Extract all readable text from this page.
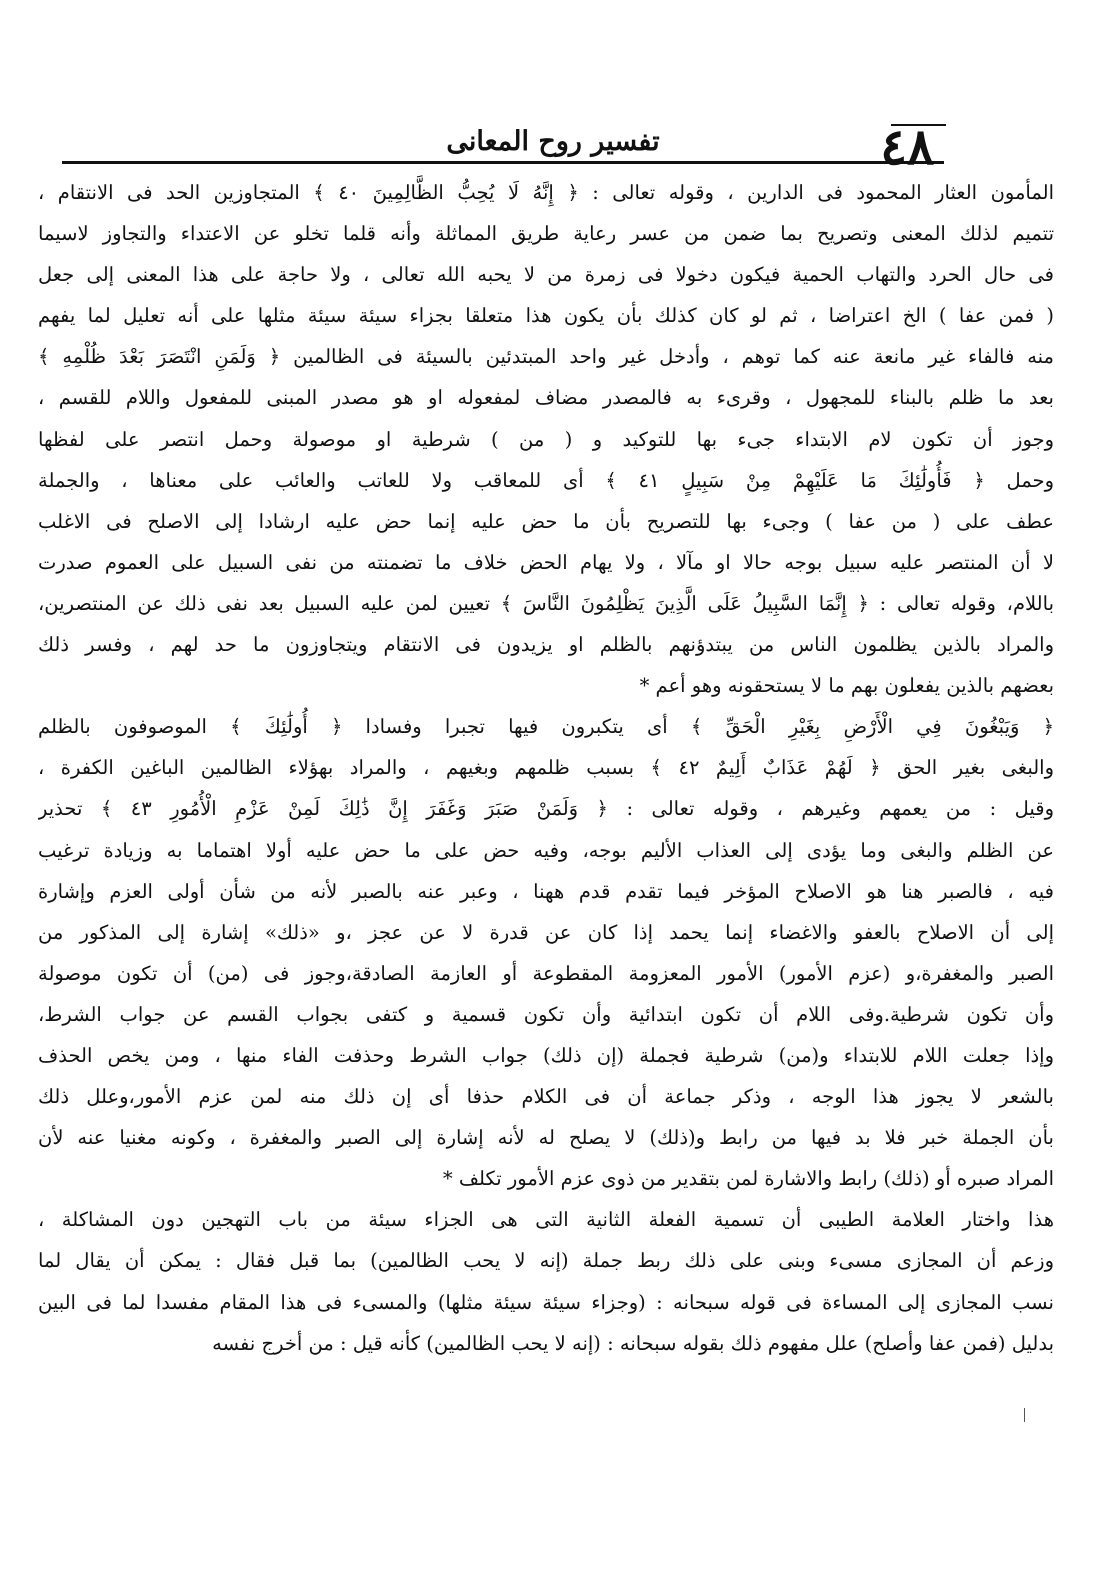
٤٨
تفسير روح المعانى
المأمون العثار المحمود فى الدارين ، وقوله تعالى : ﴿ إِنَّهُ لَا يُحِبُّ الظَّالِمِينَ ٤٠ ﴾ المتجاوزين الحد فى الانتقام ،
تتميم لذلك المعنى وتصريح بما ضمن من عسر رعاية طريق المماثلة وأنه قلما تخلو عن الاعتداء والتجاوز لاسيما
فى حال الحرد والتهاب الحمية فيكون دخولا فى زمرة من لا يحبه الله تعالى ، ولا حاجة على هذا المعنى إلى جعل
( فمن عفا ) الخ اعتراضا ، ثم لو كان كذلك بأن يكون هذا متعلقا بجزاء سيئة سيئة مثلها على أنه تعليل لما يفهم
منه فالفاء غير مانعة عنه كما توهم ، وأدخل غير واحد المبتدئين بالسيئة فى الظالمين ﴿ وَلَمَنِ انْتَصَرَ بَعْدَ ظُلْمِهِ ﴾
بعد ما ظلم بالبناء للمجهول ، وقرىء به فالمصدر مضاف لمفعوله او هو مصدر المبنى للمفعول واللام للقسم ،
وجوز أن تكون لام الابتداء جىء بها للتوكيد و ( من ) شرطية او موصولة وحمل انتصر على لفظها
وحمل ﴿ فَأُولَٰئِكَ مَا عَلَيْهِمْ مِنْ سَبِيلٍ ٤١ ﴾ أى للمعاقب ولا للعاتب والعائب على معناها ، والجملة
عطف على ( من عفا ) وجىء بها للتصريح بأن ما حض عليه إنما حض عليه ارشادا إلى الاصلح فى الاغلب
لا أن المنتصر عليه سبيل بوجه حالا او مآلا ، ولا يهام الحض خلاف ما تضمنته من نفى السبيل على العموم صدرت
باللام، وقوله تعالى : ﴿ إِنَّمَا السَّبِيلُ عَلَى الَّذِينَ يَظْلِمُونَ النَّاسَ ﴾ تعيين لمن عليه السبيل بعد نفى ذلك عن المنتصرين،
والمراد بالذين يظلمون الناس من يبتدؤنهم بالظلم او يزيدون فى الانتقام ويتجاوزون ما حد لهم ، وفسر ذلك
بعضهم بالذين يفعلون بهم ما لا يستحقونه وهو أعم *
﴿ وَيَبْغُونَ فِي الْأَرْضِ بِغَيْرِ الْحَقِّ ﴾ أى يتكبرون فيها تجبرا وفسادا ﴿ أُولَٰئِكَ ﴾ الموصوفون بالظلم
والبغى بغير الحق ﴿ لَهُمْ عَذَابٌ أَلِيمٌ ٤٢ ﴾ بسبب ظلمهم وبغيهم ، والمراد بهؤلاء الظالمين الباغين الكفرة ،
وقيل : من يعمهم وغيرهم ، وقوله تعالى : ﴿ وَلَمَنْ صَبَرَ وَغَفَرَ إِنَّ ذَٰلِكَ لَمِنْ عَزْمِ الْأُمُورِ ٤٣ ﴾ تحذير
عن الظلم والبغى وما يؤدى إلى العذاب الأليم بوجه، وفيه حض على ما حض عليه أولا اهتماما به وزيادة ترغيب
فيه ، فالصبر هنا هو الاصلاح المؤخر فيما تقدم قدم ههنا ، وعبر عنه بالصبر لأنه من شأن أولى العزم وإشارة
إلى أن الاصلاح بالعفو والاغضاء إنما يحمد إذا كان عن قدرة لا عن عجز ،و «ذلك» إشارة إلى المذكور من
الصبر والمغفرة،و (عزم الأمور) الأمور المعزومة المقطوعة أو العازمة الصادقة،وجوز فى (من) أن تكون موصولة
وأن تكون شرطية.وفى اللام أن تكون ابتدائية وأن تكون قسمية و كتفى بجواب القسم عن جواب الشرط،
وإذا جعلت اللام للابتداء و(من) شرطية فجملة (إن ذلك) جواب الشرط وحذفت الفاء منها ، ومن يخص الحذف
بالشعر لا يجوز هذا الوجه ، وذكر جماعة أن فى الكلام حذفا أى إن ذلك منه لمن عزم الأمور،وعلل ذلك
بأن الجملة خبر فلا بد فيها من رابط و(ذلك) لا يصلح له لأنه إشارة إلى الصبر والمغفرة ، وكونه مغنيا عنه لأن
المراد صبره أو (ذلك) رابط والاشارة لمن بتقدير من ذوى عزم الأمور تكلف *
هذا واختار العلامة الطيبى أن تسمية الفعلة الثانية التى هى الجزاء سيئة من باب التهجين دون المشاكلة ،
وزعم أن المجازى مسىء وبنى على ذلك ربط جملة (إنه لا يحب الظالمين) بما قبل فقال : يمكن أن يقال لما
نسب المجازى إلى المساءة فى قوله سبحانه : (وجزاء سيئة سيئة مثلها) والمسىء فى هذا المقام مفسدا لما فى البين
بدليل (فمن عفا وأصلح) علل مفهوم ذلك بقوله سبحانه : (إنه لا يحب الظالمين) كأنه قيل : من أخرج نفسه
